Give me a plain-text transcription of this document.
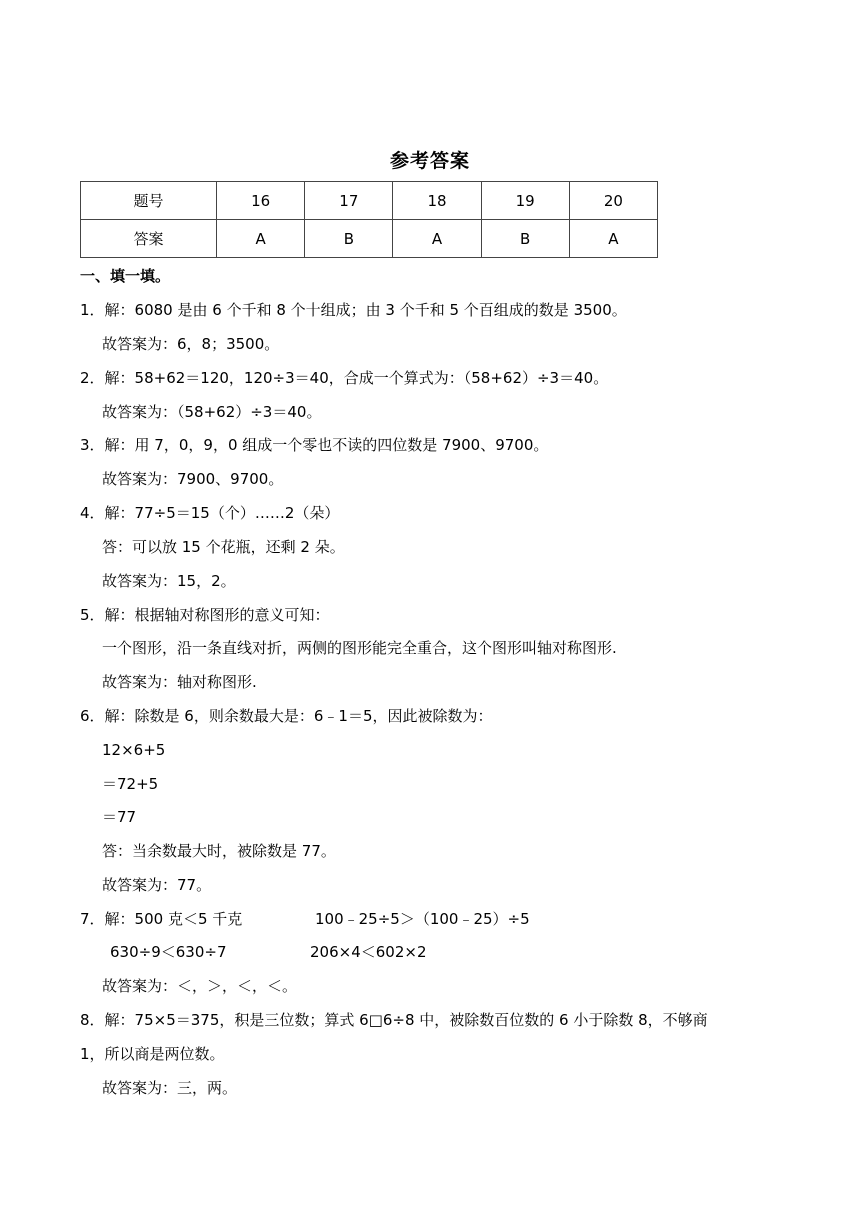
参考答案
题号	16	17	18	19	20
答案	A	B	A	B	A
一、填一填。
1．解：6080 是由 6 个千和 8 个十组成；由 3 个千和 5 个百组成的数是 3500。
故答案为：6，8；3500。
2．解：58+62＝120，120÷3＝40，合成一个算式为：（58+62）÷3＝40。
故答案为：（58+62）÷3＝40。
3．解：用 7，0，9，0 组成一个零也不读的四位数是 7900、9700。
故答案为：7900、9700。
4．解：77÷5＝15（个）……2（朵）
答：可以放 15 个花瓶，还剩 2 朵。
故答案为：15，2。
5．解：根据轴对称图形的意义可知：
一个图形，沿一条直线对折，两侧的图形能完全重合，这个图形叫轴对称图形.
故答案为：轴对称图形.
6．解：除数是 6，则余数最大是：6﹣1＝5，因此被除数为：
12×6+5
＝72+5
＝77
答：当余数最大时，被除数是 77。
故答案为：77。
7．解：500 克＜5 千克	100﹣25÷5＞（100﹣25）÷5
630÷9＜630÷7	206×4＜602×2
故答案为：＜，＞，＜，＜。
8．解：75×5＝375，积是三位数；算式 6□6÷8 中，被除数百位数的 6 小于除数 8，不够商
1，所以商是两位数。
故答案为：三，两。
